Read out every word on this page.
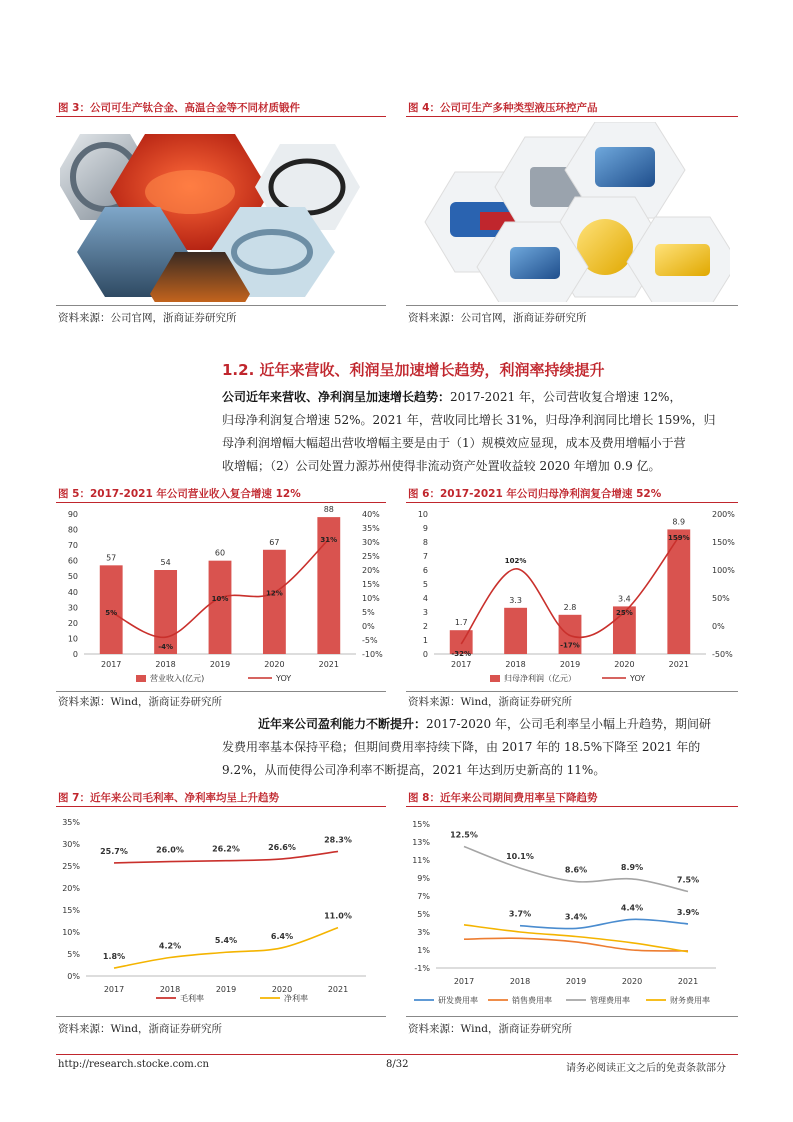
图 3：公司可生产钛合金、高温合金等不同材质锻件	图 4：公司可生产多种类型液压环控产品
资料来源：公司官网，浙商证券研究所	资料来源：公司官网，浙商证券研究所
1.2. 近年来营收、利润呈加速增长趋势，利润率持续提升
公司近年来营收、净利润呈加速增长趋势：2017-2021 年，公司营收复合增速 12%，
归母净利润复合增速 52%。2021 年，营收同比增长 31%，归母净利润同比增长 159%，归
母净利润增幅大幅超出营收增幅主要是由于（1）规模效应显现，成本及费用增幅小于营
收增幅；（2）公司处置力源苏州使得非流动资产处置收益较 2020 年增加 0.9 亿。
图 5：2017-2021 年公司营业收入复合增速 12%	图 6：2017-2021 年公司归母净利润复合增速 52%
0
10
20
30
40
50
60
70
80
90
-10%
-5%
0%
5%
10%
15%
20%
25%
30%
35%
40%
57
2017
54
2018
60
2019
67
2020
88
2021
5%
-4%
10%
12%
31%
营业收入(亿元)	YOY
0
1
2
3
4
5
6
7
8
9
10
-50%
0%
50%
100%
150%
200%
1.7
2017
3.3
2018
2.8
2019
3.4
2020
8.9
2021
-32%
102%
-17%
25%
159%
归母净利润（亿元）	YOY
资料来源：Wind，浙商证券研究所	资料来源：Wind，浙商证券研究所
近年来公司盈利能力不断提升：2017-2020 年，公司毛利率呈小幅上升趋势，期间研
发费用率基本保持平稳；但期间费用率持续下降，由 2017 年的 18.5%下降至 2021 年的
9.2%，从而使得公司净利率不断提高，2021 年达到历史新高的 11%。
图 7：近年来公司毛利率、净利率均呈上升趋势	图 8：近年来公司期间费用率呈下降趋势
0%
5%
10%
15%
20%
25%
30%
35%
2017	2018	2019	2020	2021
25.7%	26.0%	26.2%	26.6%
28.3%
1.8%
4.2%
5.4%	6.4%
11.0%
毛利率	净利率
-1%
1%
3%
5%
7%
9%
11%
13%
15%
2017	2018	2019	2020	2021
3.7%	3.4%
4.4%	3.9%
12.5%
10.1%
8.6%	8.9%
7.5%
研发费用率	销售费用率	管理费用率	财务费用率
资料来源：Wind，浙商证券研究所	资料来源：Wind，浙商证券研究所
http://research.stocke.com.cn	8/32	请务必阅读正文之后的免责条款部分
